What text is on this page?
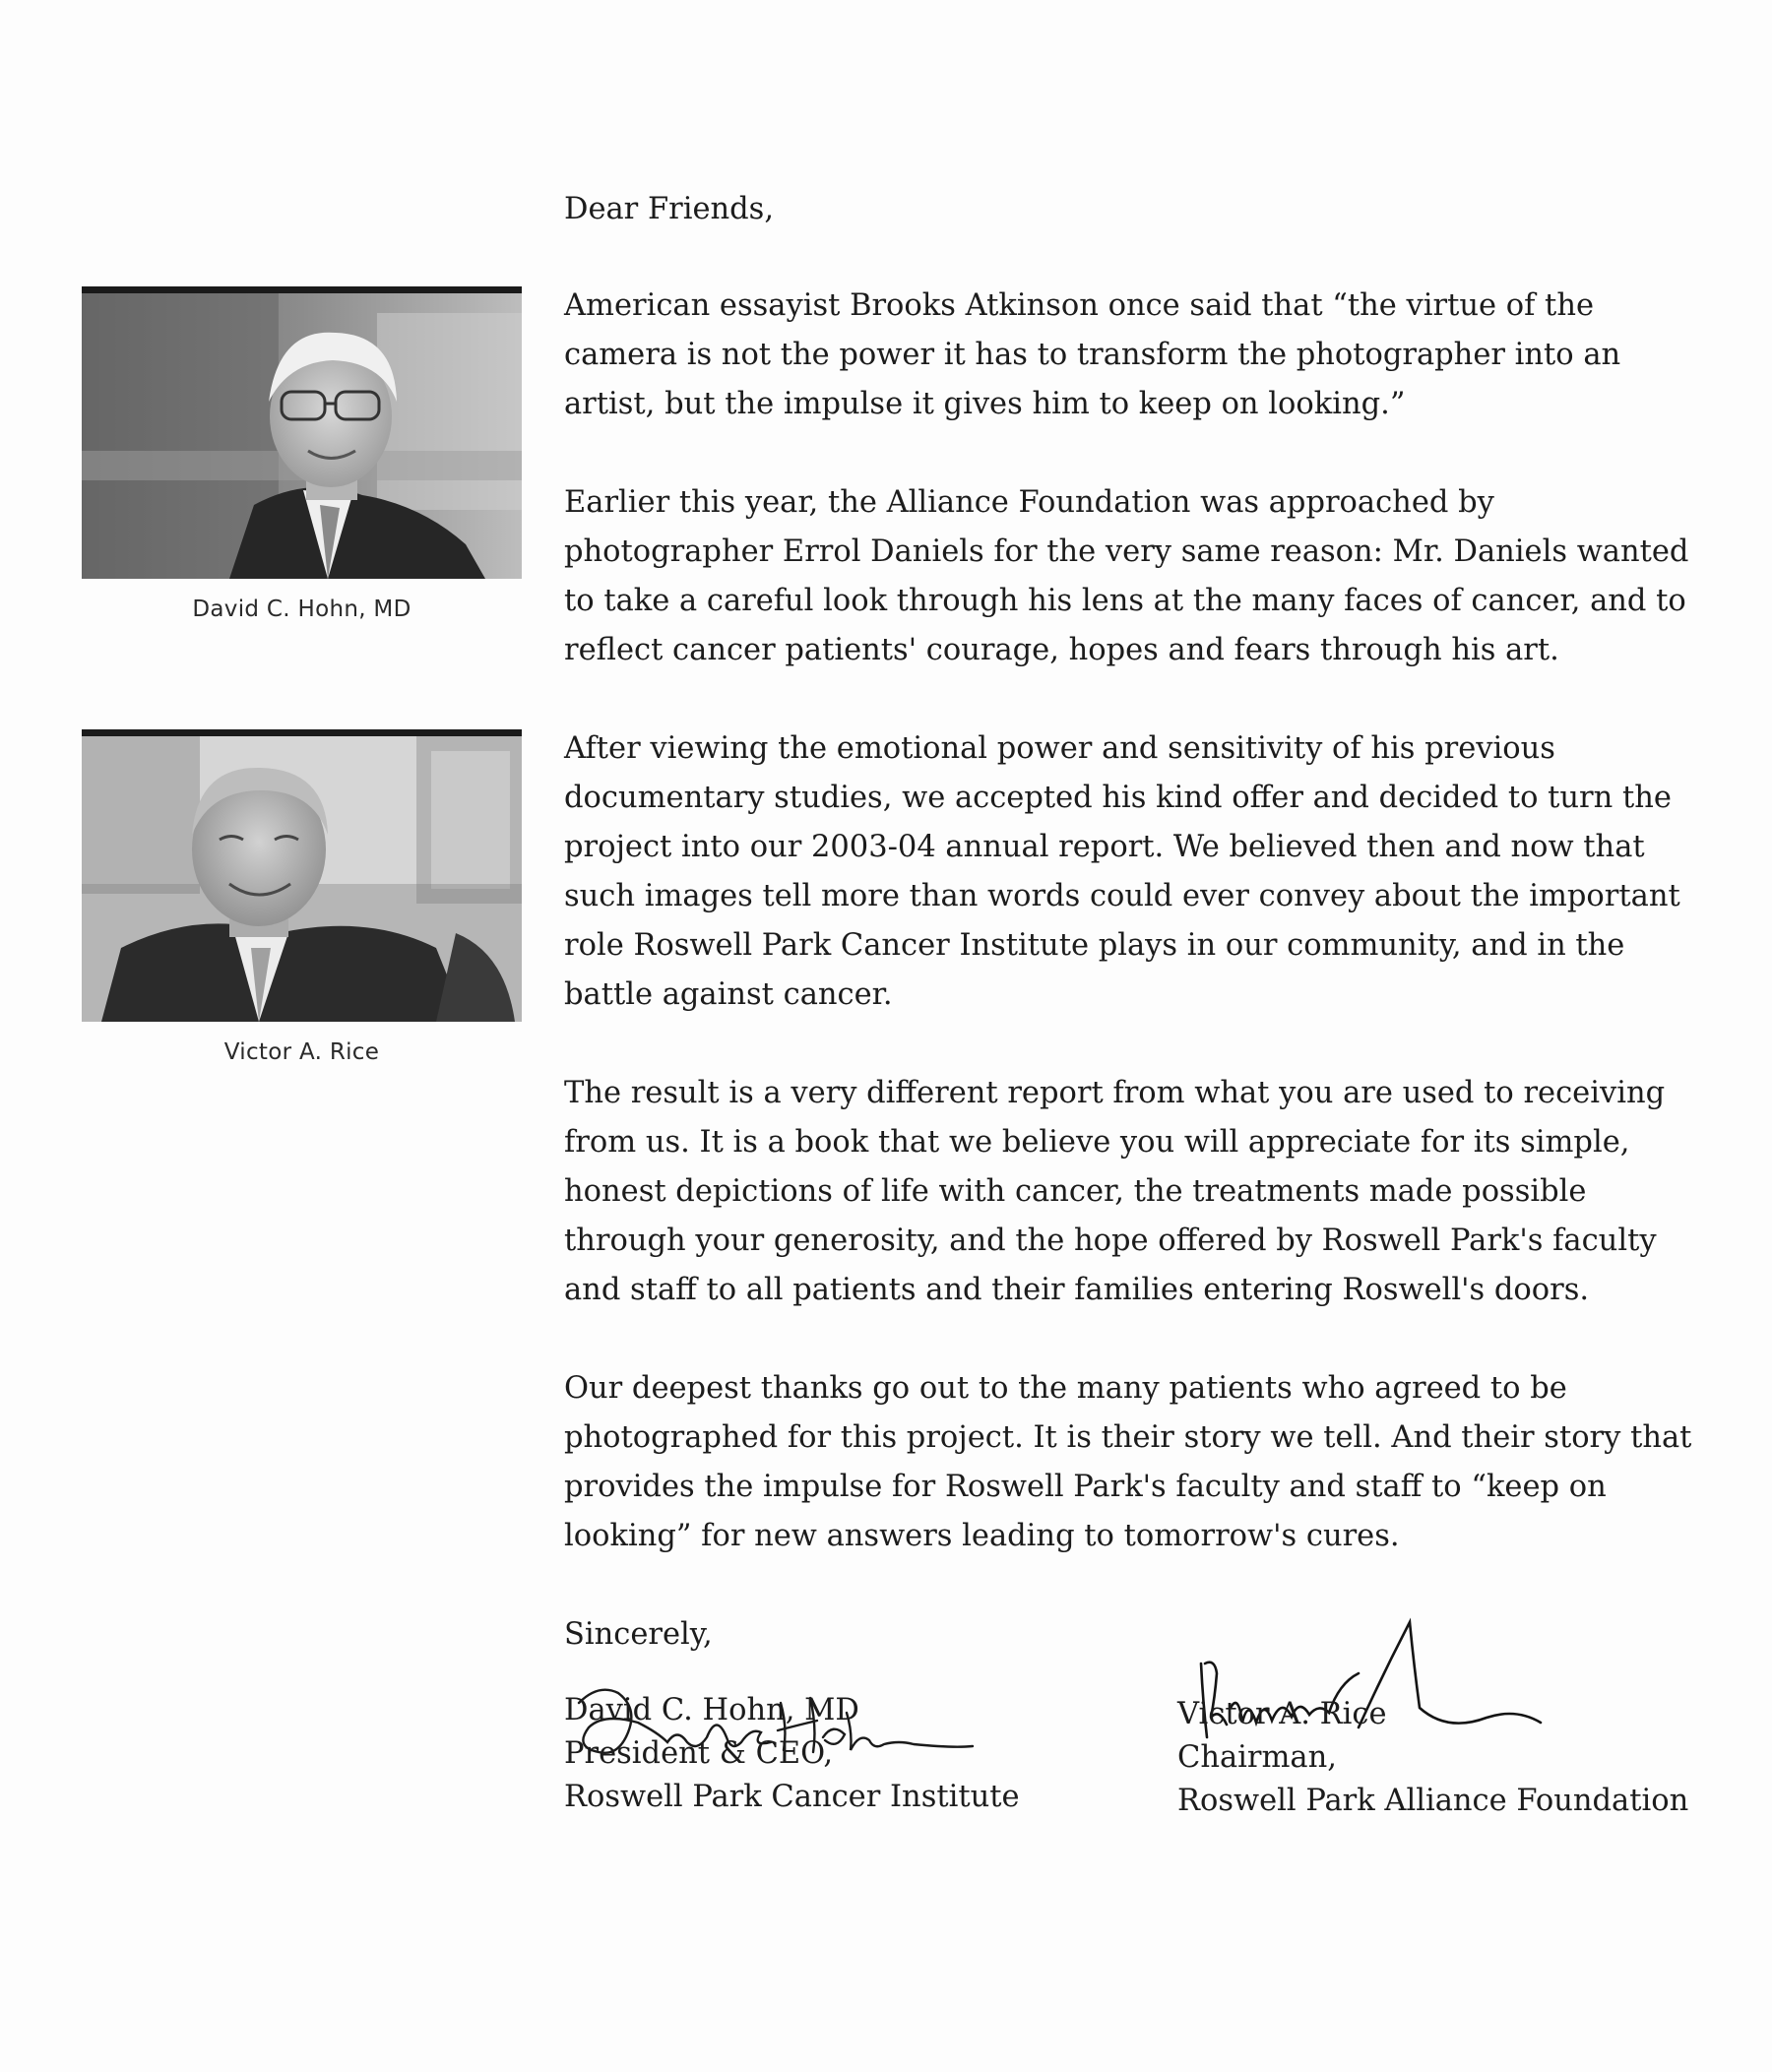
David C. Hohn, MD
Victor A. Rice

Dear Friends,

American essayist Brooks Atkinson once said that “the virtue of the camera is not the power it has to transform the photographer into an artist, but the impulse it gives him to keep on looking.”

Earlier this year, the Alliance Foundation was approached by photographer Errol Daniels for the very same reason: Mr. Daniels wanted to take a careful look through his lens at the many faces of cancer, and to reflect cancer patients' courage, hopes and fears through his art.

After viewing the emotional power and sensitivity of his previous documentary studies, we accepted his kind offer and decided to turn the project into our 2003-04 annual report. We believed then and now that such images tell more than words could ever convey about the important role Roswell Park Cancer Institute plays in our community, and in the battle against cancer.

The result is a very different report from what you are used to receiving from us. It is a book that we believe you will appreciate for its simple, honest depictions of life with cancer, the treatments made possible through your generosity, and the hope offered by Roswell Park's faculty and staff to all patients and their families entering Roswell's doors.

Our deepest thanks go out to the many patients who agreed to be photographed for this project. It is their story we tell. And their story that provides the impulse for Roswell Park's faculty and staff to “keep on looking” for new answers leading to tomorrow's cures.

Sincerely,

David C. Hohn, MD
President & CEO,
Roswell Park Cancer Institute
Victor A. Rice
Chairman,
Roswell Park Alliance Foundation
